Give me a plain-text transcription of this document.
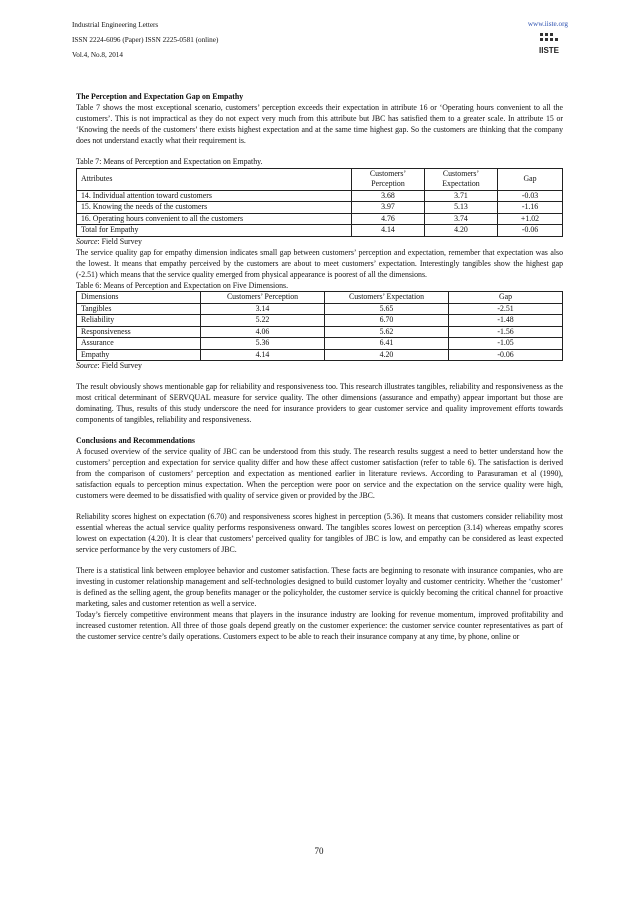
Industrial Engineering Letters
ISSN 2224-6096 (Paper) ISSN 2225-0581 (online)
Vol.4, No.8, 2014
www.iiste.org
IISTE

The Perception and Expectation Gap on Empathy

Table 7 shows the most exceptional scenario, customers’ perception exceeds their expectation in attribute 16 or ‘Operating hours convenient to all the customers’. This is not impractical as they do not expect very much from this attribute but JBC has satisfied them to a greater scale. In attribute 15 or ‘Knowing the needs of the customers’ there exists highest expectation and at the same time highest gap. So the customers are thinking that the company does not understand exactly what their requirement is.

Table 7: Means of Perception and Expectation on Empathy.

Attributes	Customers’ Perception	Customers’ Expectation	Gap
14. Individual attention toward customers	3.68	3.71	-0.03
15. Knowing the needs of the customers	3.97	5.13	-1.16
16. Operating hours convenient to all the customers	4.76	3.74	+1.02
Total for Empathy	4.14	4.20	-0.06

Source: Field Survey

The service quality gap for empathy dimension indicates small gap between customers’ perception and expectation, remember that expectation was also the lowest. It means that empathy perceived by the customers are about to meet customers’ expectation. Interestingly tangibles show the highest gap (-2.51) which means that the service quality emerged from physical appearance is poorest of all the dimensions.

Table 6: Means of Perception and Expectation on Five Dimensions.

Dimensions	Customers’ Perception	Customers’ Expectation	Gap
Tangibles	3.14	5.65	-2.51
Reliability	5.22	6.70	-1.48
Responsiveness	4.06	5.62	-1.56
Assurance	5.36	6.41	-1.05
Empathy	4.14	4.20	-0.06

Source: Field Survey

The result obviously shows mentionable gap for reliability and responsiveness too. This research illustrates tangibles, reliability and responsiveness as the most critical determinant of SERVQUAL measure for service quality. The other dimensions (assurance and empathy) appear important but those are dominating. Thus, results of this study underscore the need for insurance providers to gear customer service and quality improvement efforts towards components of tangibles, reliability and responsiveness.

Conclusions and Recommendations

A focused overview of the service quality of JBC can be understood from this study. The research results suggest a need to better understand how the customers’ perception and expectation for service quality differ and how these affect customer satisfaction (refer to table 6). The satisfaction is derived from the comparison of customers’ perception and expectation as mentioned earlier in literature reviews. According to Parasuraman et al (1990), satisfaction equals to perception minus expectation. When the perception were poor on service and the expectation on the service quality were high, customers were deemed to be dissatisfied with quality of service given or provided by the JBC.

Reliability scores highest on expectation (6.70) and responsiveness scores highest in perception (5.36). It means that customers consider reliability most essential whereas the actual service quality performs responsiveness onward. The tangibles scores lowest on perception (3.14) whereas empathy scores lowest on expectation (4.20). It is clear that customers’ perceived quality for tangibles of JBC is low, and empathy can be considered as least expected service performance by the very customers of JBC.

There is a statistical link between employee behavior and customer satisfaction. These facts are beginning to resonate with insurance companies, who are investing in customer relationship management and self-technologies designed to build customer loyalty and customer centricity. Whether the ‘customer’ is defined as the selling agent, the group benefits manager or the policyholder, the customer service is quickly becoming the critical channel for proactive marketing, sales and customer retention as well a service.

Today’s fiercely competitive environment means that players in the insurance industry are looking for revenue momentum, improved profitability and increased customer retention. All three of those goals depend greatly on the customer experience: the customer service counter representatives as part of the customer service centre’s daily operations. Customers expect to be able to reach their insurance company at any time, by phone, online or

70
